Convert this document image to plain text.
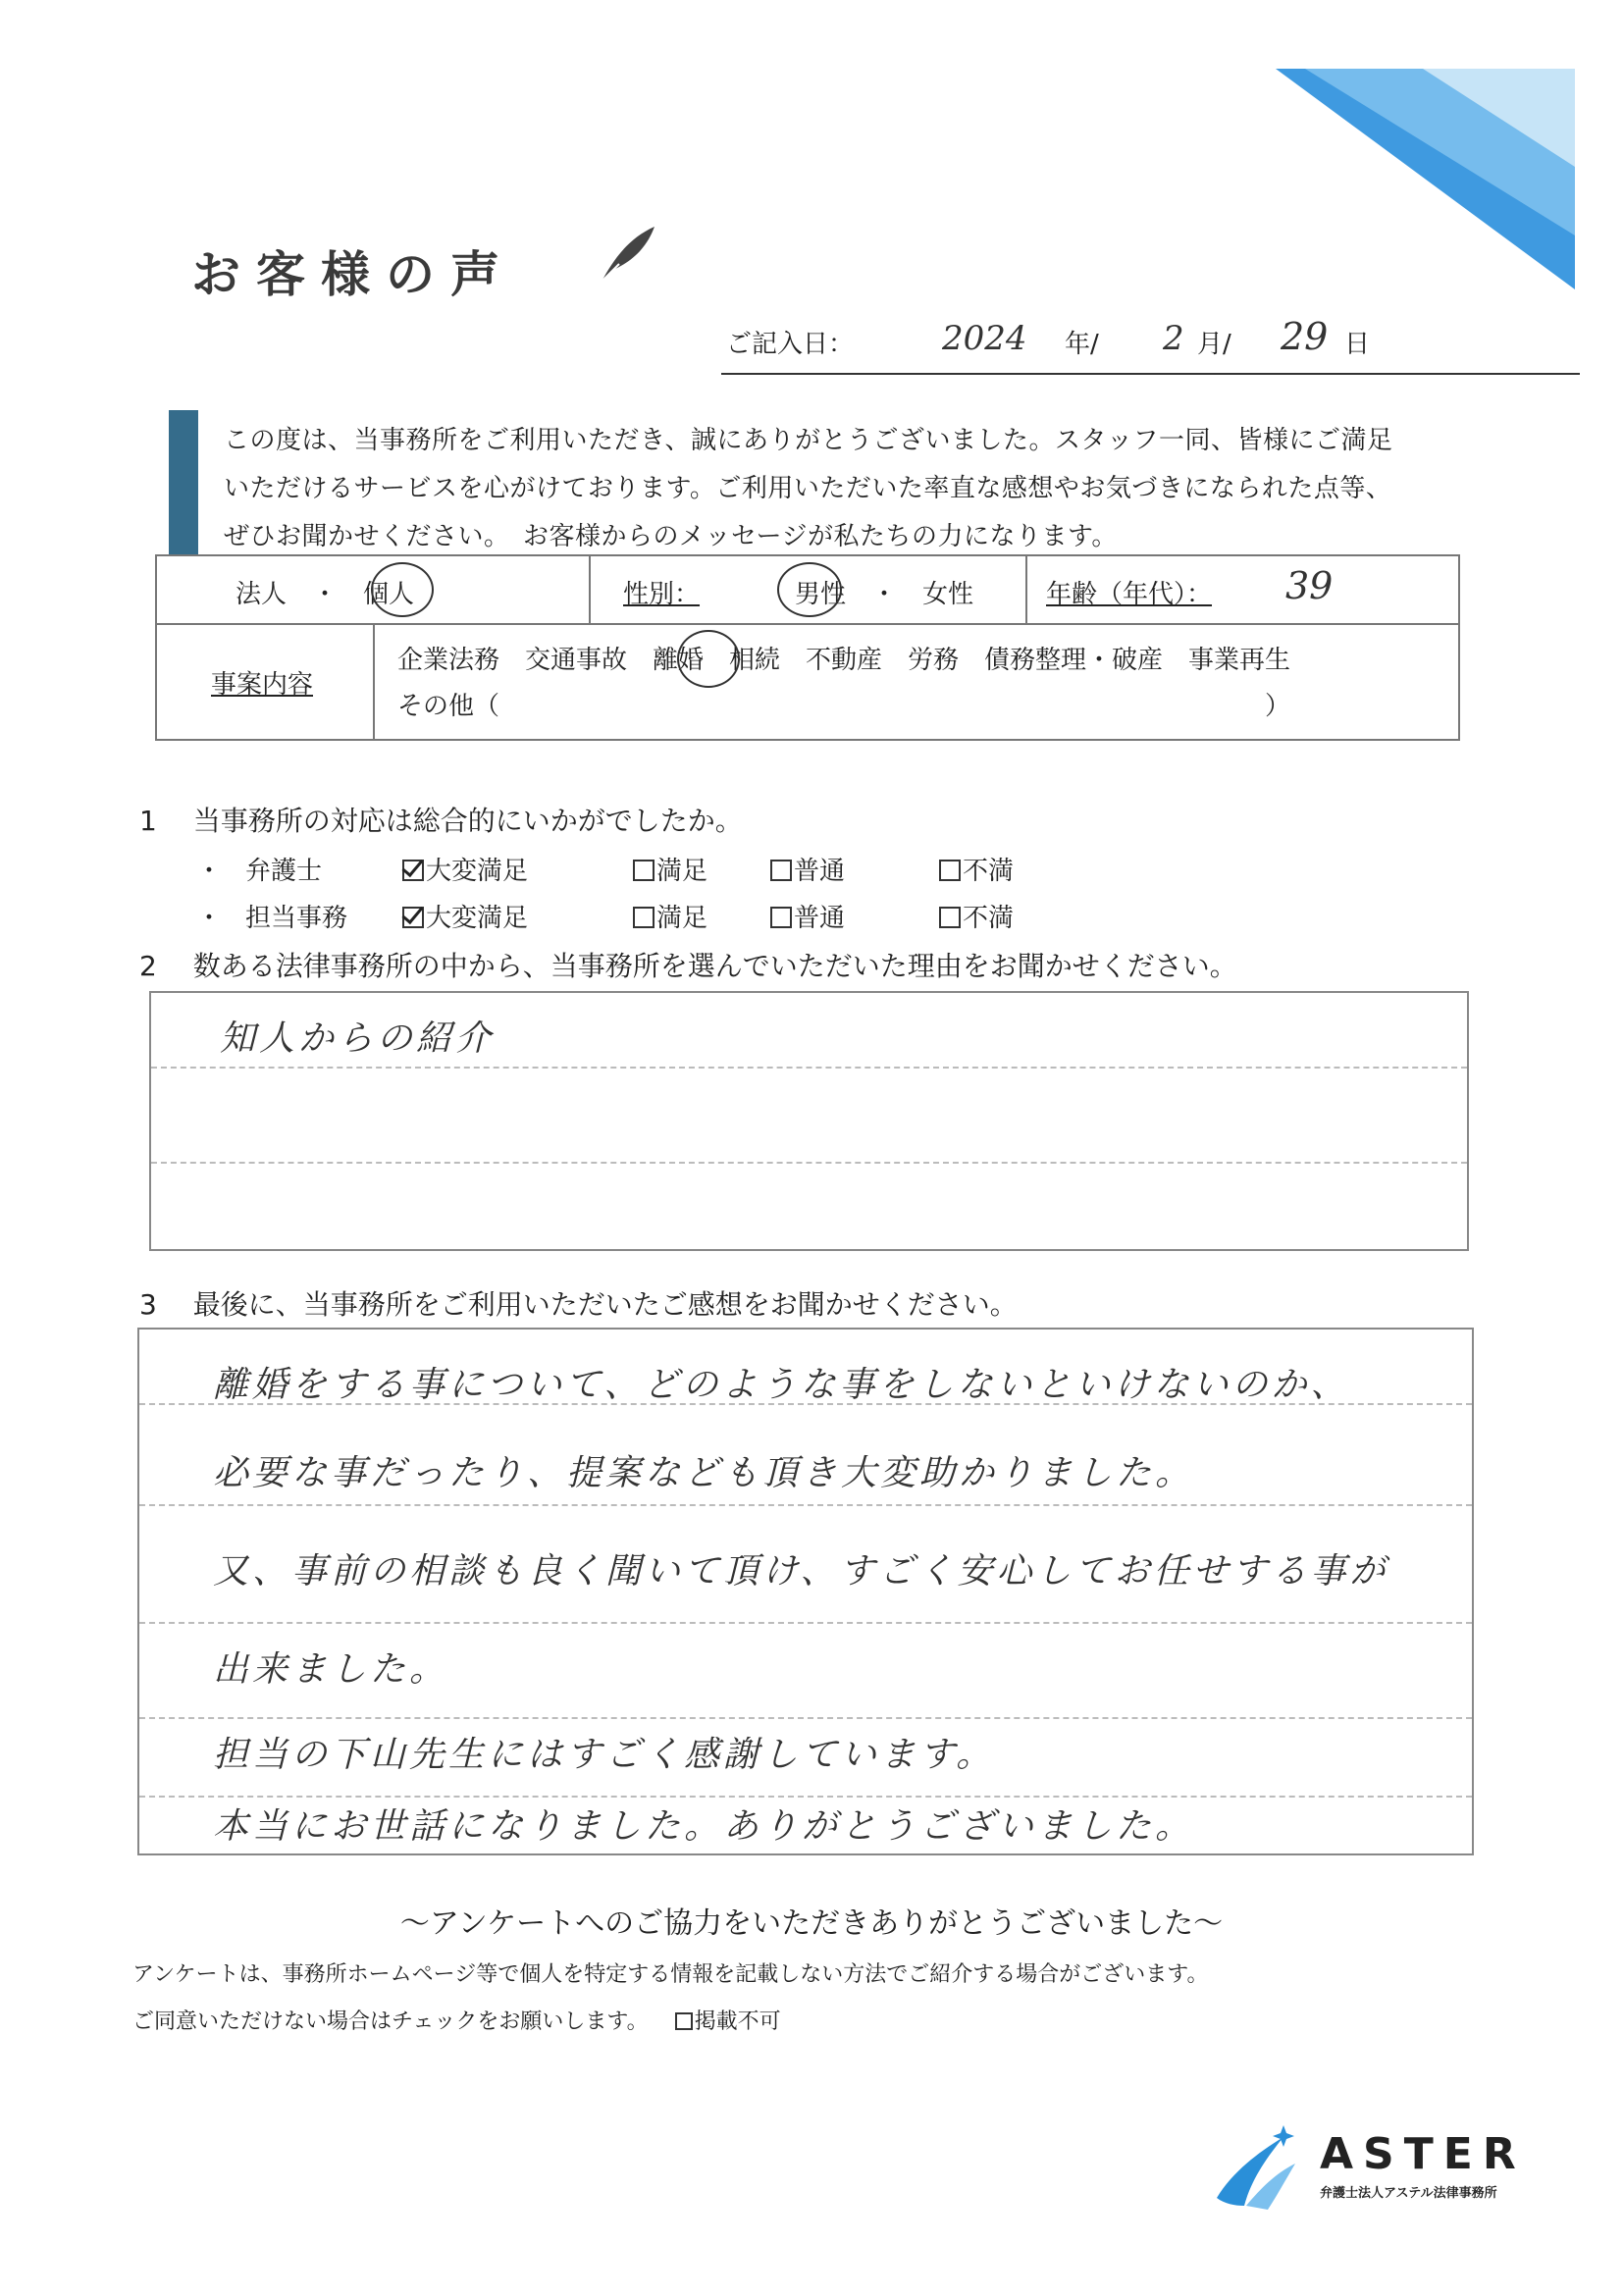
お客様の声
ご記入日：	2024 年/ 2 月/ 29 日
この度は、当事務所をご利用いただき、誠にありがとうございました。スタッフ一同、皆様にご満足
いただけるサービスを心がけております。ご利用いただいた率直な感想やお気づきになられた点等、
ぜひお聞かせください。　お客様からのメッセージが私たちの力になります。
法人　・　個人	性別：	男性　・　女性	年齢（年代）： 39
事案内容
企業法務　交通事故　離婚　相続　不動産　労務　債務整理・破産　事業再生
その他（　　　　　　　　　　　　　　　　　　　　　　　　　　　　　　）
1　 当事務所の対応は総合的にいかがでしたか。
・ 弁護士	大変満足	満足	普通	不満
・ 担当事務	大変満足	満足	普通	不満
2　 数ある法律事務所の中から、当事務所を選んでいただいた理由をお聞かせください。
知人からの紹介
3　 最後に、当事務所をご利用いただいたご感想をお聞かせください。
離婚をする事について、どのような事をしないといけないのか、
必要な事だったり、提案なども頂き大変助かりました。
又、事前の相談も良く聞いて頂け、すごく安心してお任せする事が
出来ました。
担当の下山先生にはすごく感謝しています。
本当にお世話になりました。ありがとうございました。
～アンケートへのご協力をいただきありがとうございました～
アンケートは、事務所ホームページ等で個人を特定する情報を記載しない方法でご紹介する場合がございます。
ご同意いただけない場合はチェックをお願いします。 掲載不可
ASTER
弁護士法人アステル法律事務所
